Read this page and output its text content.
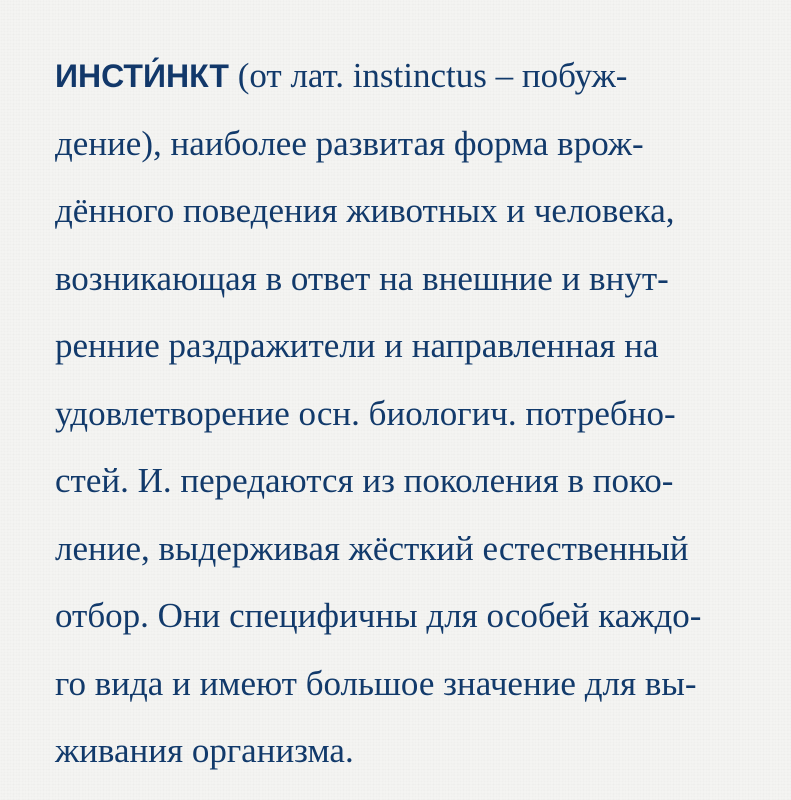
ИНСТИ́НКТ (от лат. instinctus – побуж-
дение), наиболее развитая форма врож-
дённого поведения животных и человека,
возникающая в ответ на внешние и внут-
ренние раздражители и направленная на
удовлетворение осн. биологич. потребно-
стей. И. передаются из поколения в поко-
ление, выдерживая жёсткий естественный
отбор. Они специфичны для особей каждо-
го вида и имеют большое значение для вы-
живания организма.
